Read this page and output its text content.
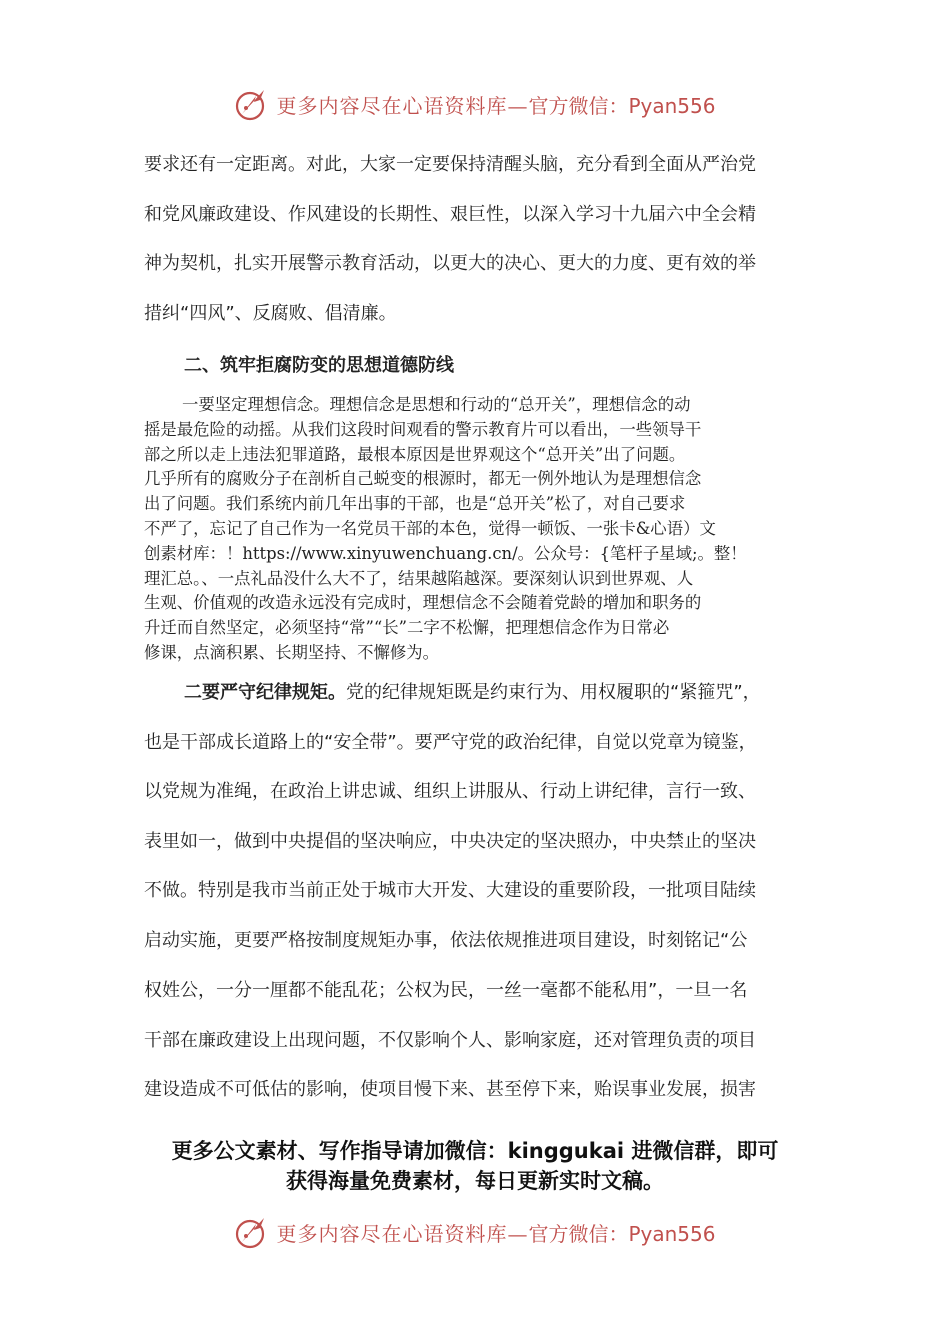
更多内容尽在心语资料库— 官方微信：Pyan556
要求还有一定距离。对此，大家一定要保持清醒头脑，充分看到全面从严治党
和党风廉政建设、作风建设的长期性、艰巨性，以深入学习十九届六中全会精
神为契机，扎实开展警示教育活动，以更大的决心、更大的力度、更有效的举
措纠“四风”、反腐败、倡清廉。
二、筑牢拒腐防变的思想道德防线
一要坚定理想信念。理想信念是思想和行动的“总开关”，理想信念的动
摇是最危险的动摇。从我们这段时间观看的警示教育片可以看出，一些领导干
部之所以走上违法犯罪道路，最根本原因是世界观这个“总开关”出了问题。
几乎所有的腐败分子在剖析自己蜕变的根源时，都无一例外地认为是理想信念
出了问题。我们系统内前几年出事的干部，也是“总开关”松了，对自己要求
不严了，忘记了自己作为一名党员干部的本色，觉得一顿饭、一张卡&心语）文
创素材库：！https://www.xinyuwenchuang.cn/。公众号：{笔杆子星域;。整！
理汇总。、一点礼品没什么大不了，结果越陷越深。要深刻认识到世界观、人
生观、价值观的改造永远没有完成时，理想信念不会随着党龄的增加和职务的
升迁而自然坚定，必须坚持“常”“长”二字不松懈，把理想信念作为日常必
修课，点滴积累、长期坚持、不懈修为。
二要严守纪律规矩。党的纪律规矩既是约束行为、用权履职的“紧箍咒”，
也是干部成长道路上的“安全带”。要严守党的政治纪律，自觉以党章为镜鉴，
以党规为准绳，在政治上讲忠诚、组织上讲服从、行动上讲纪律，言行一致、
表里如一，做到中央提倡的坚决响应，中央决定的坚决照办，中央禁止的坚决
不做。特别是我市当前正处于城市大开发、大建设的重要阶段，一批项目陆续
启动实施，更要严格按制度规矩办事，依法依规推进项目建设，时刻铭记“公
权姓公，一分一厘都不能乱花；公权为民，一丝一毫都不能私用”，一旦一名
干部在廉政建设上出现问题，不仅影响个人、影响家庭，还对管理负责的项目
建设造成不可低估的影响，使项目慢下来、甚至停下来，贻误事业发展，损害
更多公文素材、写作指导请加微信：kinggukai 进微信群，即可
获得海量免费素材，每日更新实时文稿。
更多内容尽在心语资料库— 官方微信：Pyan556
